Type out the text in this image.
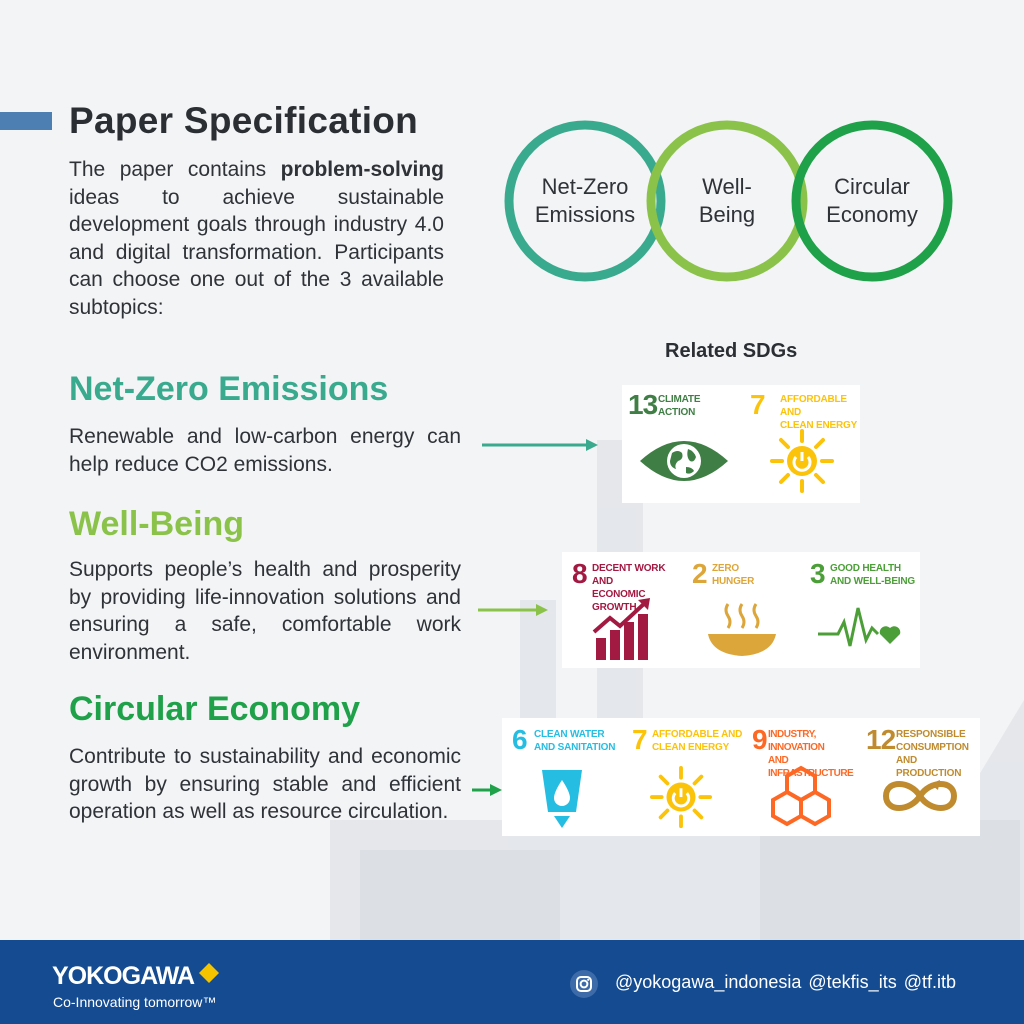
Paper Specification

The paper contains problem-solving ideas to achieve sustainable development goals through industry 4.0 and digital transformation. Participants can choose one out of the 3 available subtopics:

Net-Zero
Emissions
Well-
Being
Circular
Economy
Related SDGs
Net-Zero Emissions

Renewable and low-carbon energy can help reduce CO2 emissions.

13 CLIMATE
ACTION 7 AFFORDABLE AND
CLEAN ENERGY
Well-Being

Supports people’s health and prosperity by providing life-innovation solutions and ensuring a safe, comfortable work environment.

8 DECENT WORK AND
ECONOMIC GROWTH
2 ZERO
HUNGER 3 GOOD HEALTH
AND WELL-BEING
Circular Economy

Contribute to sustainability and economic growth by ensuring stable and efficient operation as well as resource circulation.

6 CLEAN WATER
AND SANITATION 7 AFFORDABLE AND
CLEAN ENERGY 9 INDUSTRY, INNOVATION
AND INFRASTRUCTURE
12 RESPONSIBLE
CONSUMPTION
AND PRODUCTION
YOKOGAWA
Co-Innovating tomorrow™
@yokogawa_indonesia @tekfis_its @tf.itb
